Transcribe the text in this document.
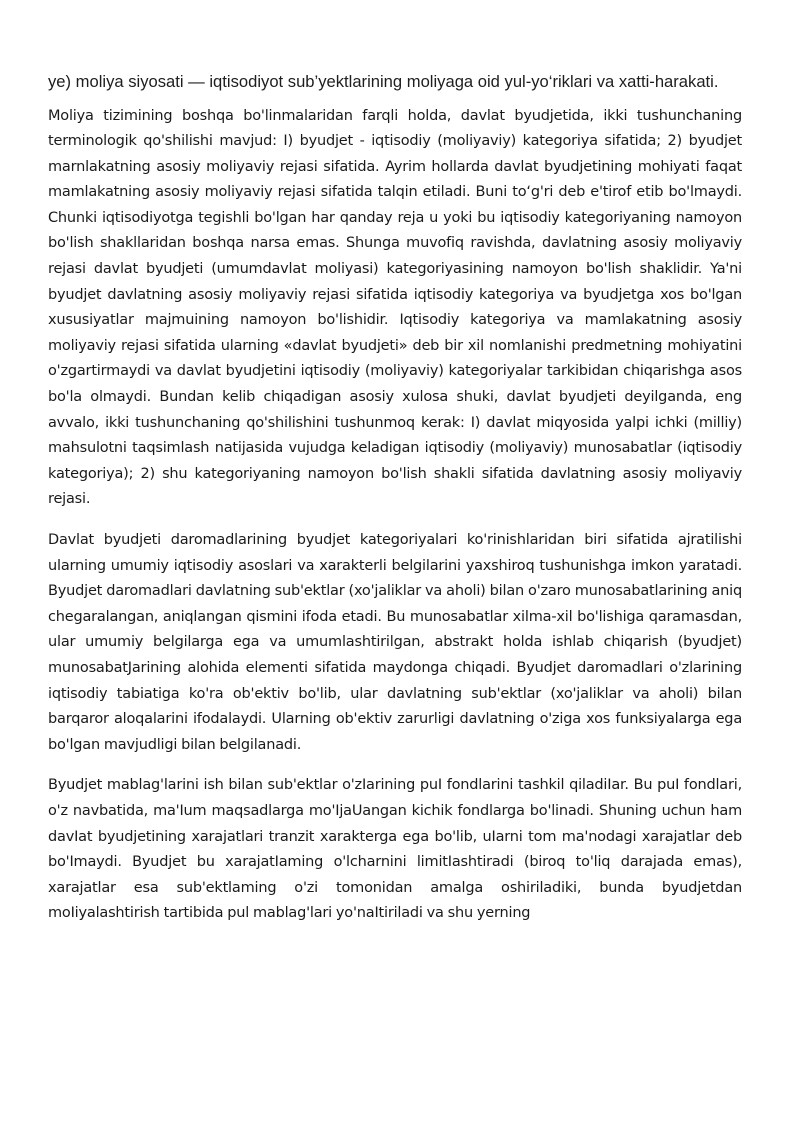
ye) moliya siyosati — iqtisodiyot sub’yektlarining moliyaga oid yul-yo‘riklari va xatti-harakati.

Moliya tizimining boshqa bo'linmalaridan farqli holda, davlat byudjetida, ikki tushunchaning terminologik qo'shilishi mavjud: I) byudjet - iqtisodiy (moliyaviy) kategoriya sifatida; 2) byudjet marnlakatning asosiy moliyaviy rejasi sifatida. Ayrim hollarda davlat byudjetining mohiyati faqat mamlakatning asosiy moliyaviy rejasi sifatida talqin etiladi. Buni to‘g'ri deb e'tirof etib bo'lmaydi. Chunki iqtisodiyotga tegishli bo'lgan har qanday reja u yoki bu iqtisodiy kategoriyaning namoyon bo'lish shakllaridan boshqa narsa emas. Shunga muvofiq ravishda, davlatning asosiy moliyaviy rejasi davlat byudjeti (umumdavlat moliyasi) kategoriyasining namoyon bo'lish shaklidir. Ya'ni byudjet davlatning asosiy moliyaviy rejasi sifatida iqtisodiy kategoriya va byudjetga xos bo'lgan xususiyatlar majmuining namoyon bo'lishidir. Iqtisodiy kategoriya va mamlakatning asosiy moliyaviy rejasi sifatida ularning «davlat byudjeti» deb bir xil nomlanishi predmetning mohiyatini o'zgartirmaydi va davlat byudjetini iqtisodiy (moliyaviy) kategoriyalar tarkibidan chiqarishga asos bo'la olmaydi. Bundan kelib chiqadigan asosiy xulosa shuki, davlat byudjeti deyilganda, eng avvalo, ikki tushunchaning qo'shilishini tushunmoq kerak: I) davlat miqyosida yalpi ichki (milliy) mahsulotni taqsimlash natijasida vujudga keladigan iqtisodiy (moliyaviy) munosabatlar (iqtisodiy kategoriya); 2) shu kategoriyaning namoyon bo'lish shakli sifatida davlatning asosiy moliyaviy rejasi.

Davlat byudjeti daromadlarining byudjet kategoriyalari ko'rinishlaridan biri sifatida ajratilishi ularning umumiy iqtisodiy asoslari va xarakterli belgilarini yaxshiroq tushunishga imkon yaratadi. Byudjet daromadlari davlatning sub'ektlar (xo'jaliklar va aholi) bilan o'zaro munosabatlarining aniq chegaralangan, aniqlangan qismini ifoda etadi. Bu munosabatlar xilma-xil bo'lishiga qaramasdan, ular umumiy belgilarga ega va umumlashtirilgan, abstrakt holda ishlab chiqarish (byudjet) munosabatJarining alohida elementi sifatida maydonga chiqadi. Byudjet daromadlari o'zlarining iqtisodiy tabiatiga ko'ra ob'ektiv bo'lib, ular davlatning sub'ektlar (xo'jaliklar va aholi) bilan barqaror aloqalarini ifodalaydi. Ularning ob'ektiv zarurligi davlatning o'ziga xos funksiyalarga ega bo'lgan mavjudligi bilan belgilanadi.

Byudjet mablag'larini ish bilan sub'ektlar o'zIarining puI fondlarini tashkil qiladiIar. Bu puI fondlari, o'z navbatida, ma'Ium maqsadlarga mo'IjaUangan kichik fondlarga bo'linadi. Shuning uchun ham davIat byudjetining xarajatlari tranzit xarakterga ega bo'lib, uIarni tom ma'nodagi xarajatlar deb bo'Imaydi. Byudjet bu xarajatIaming o'lcharnini limitIashtiradi (biroq to'liq darajada emas), xarajatlar esa sub'ektlaming o'zi tomonidan amalga oshiriladiki, bunda byudjetdan moIiyalashtirish tartibida pul mablag'lari yo'naItiriladi va shu yerning
